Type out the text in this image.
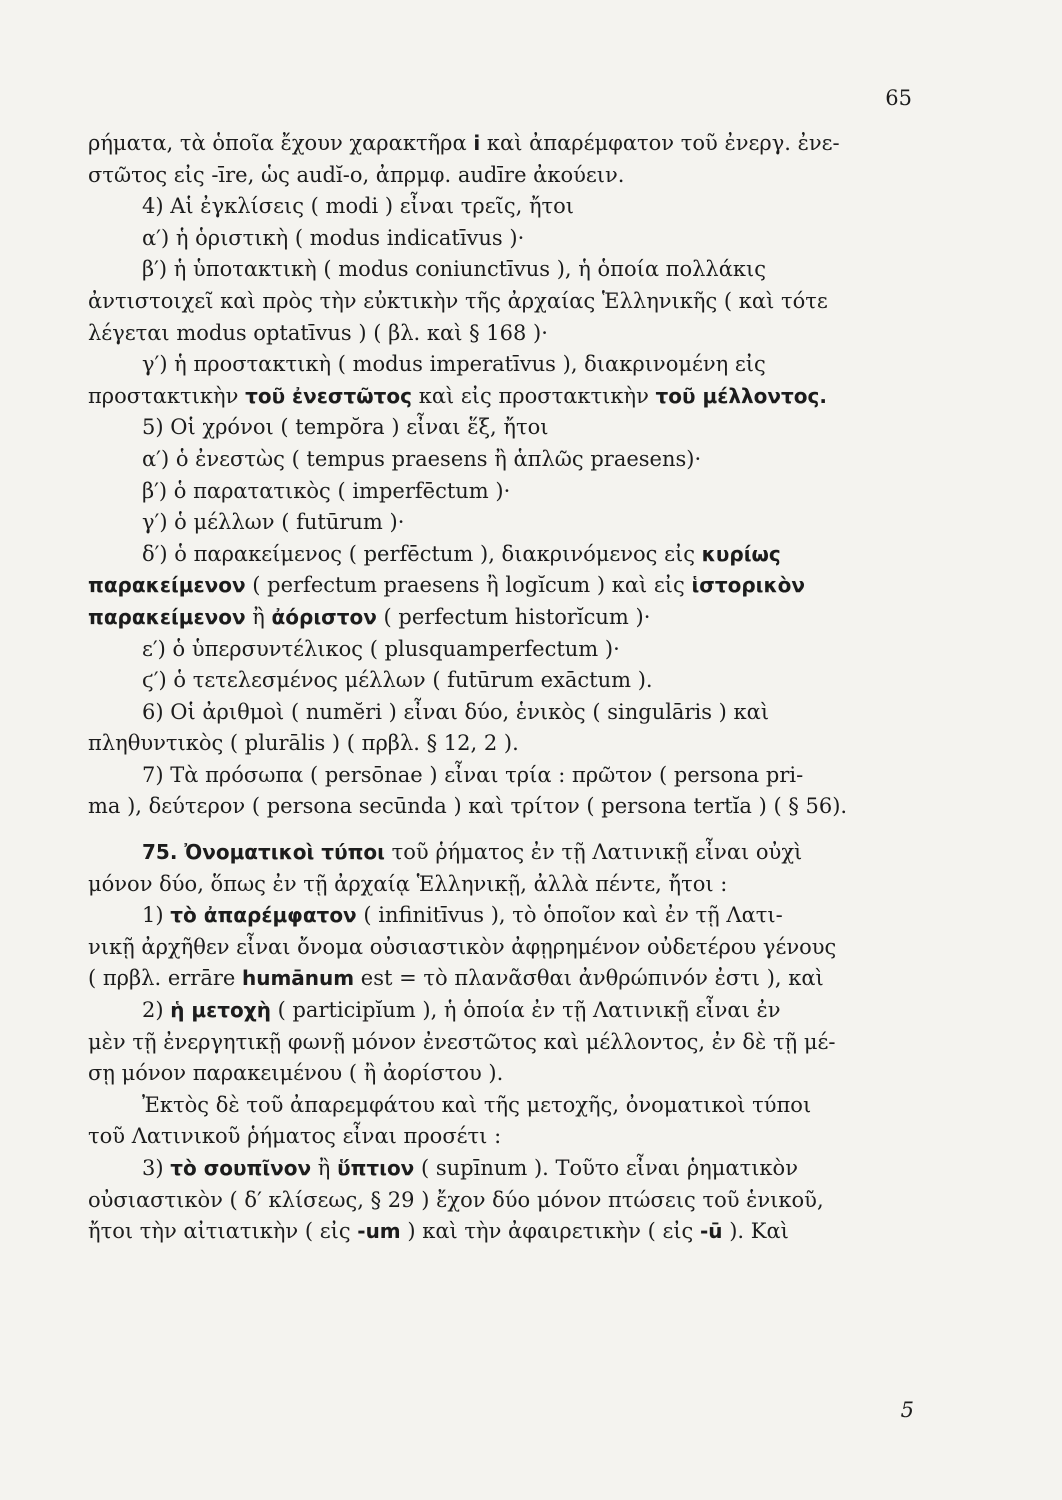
65
ρήματα, τὰ ὁποῖα ἔχουν χαρακτῆρα i καὶ ἀπαρέμφατον τοῦ ἐνεργ. ἐνε-
στῶτος εἰς -īre, ὡς audĭ-o, ἀπρμφ. audīre ἀκούειν.
4) Αἱ ἐγκλίσεις ( modi ) εἶναι τρεῖς, ἤτοι
α′) ἡ ὁριστικὴ ( modus indicatīvus )·
β′) ἡ ὑποτακτικὴ ( modus coniunctīvus ), ἡ ὁποία πολλάκις
ἀντιστοιχεῖ καὶ πρὸς τὴν εὐκτικὴν τῆς ἀρχαίας Ἑλληνικῆς ( καὶ τότε
λέγεται modus optatīvus ) ( βλ. καὶ § 168 )·
γ′) ἡ προστακτικὴ ( modus imperatīvus ), διακρινομένη εἰς
προστακτικὴν τοῦ ἐνεστῶτος καὶ εἰς προστακτικὴν τοῦ μέλλοντος.
5) Οἱ χρόνοι ( tempŏra ) εἶναι ἕξ, ἤτοι
α′) ὁ ἐνεστὼς ( tempus praesens ἢ ἁπλῶς praesens)·
β′) ὁ παρατατικὸς ( imperfēctum )·
γ′) ὁ μέλλων ( futūrum )·
δ′) ὁ παρακείμενος ( perfēctum ), διακρινόμενος εἰς κυρίως
παρακείμενον ( perfectum praesens ἢ logĭcum ) καὶ εἰς ἱστορικὸν
παρακείμενον ἢ ἀόριστον ( perfectum historĭcum )·
ε′) ὁ ὑπερσυντέλικος ( plusquamperfectum )·
ϛ′) ὁ τετελεσμένος μέλλων ( futūrum exāctum ).
6) Οἱ ἀριθμοὶ ( numĕri ) εἶναι δύο, ἑνικὸς ( singulāris ) καὶ
πληθυντικὸς ( plurālis ) ( πρβλ. § 12, 2 ).
7) Τὰ πρόσωπα ( persōnae ) εἶναι τρία : πρῶτον ( persona pri-
ma ), δεύτερον ( persona secūnda ) καὶ τρίτον ( persona tertĭa ) ( § 56).
75. Ὀνοματικοὶ τύποι τοῦ ῥήματος ἐν τῇ Λατινικῇ εἶναι οὐχὶ
μόνον δύο, ὅπως ἐν τῇ ἀρχαίᾳ Ἑλληνικῇ, ἀλλὰ πέντε, ἤτοι :
1) τὸ ἀπαρέμφατον ( infinitīvus ), τὸ ὁποῖον καὶ ἐν τῇ Λατι-
νικῇ ἀρχῆθεν εἶναι ὄνομα οὐσιαστικὸν ἀφῃρημένον οὐδετέρου γένους
( πρβλ. errāre humānum est = τὸ πλανᾶσθαι ἀνθρώπινόν ἐστι ), καὶ
2) ἡ μετοχὴ ( participĭum ), ἡ ὁποία ἐν τῇ Λατινικῇ εἶναι ἐν
μὲν τῇ ἐνεργητικῇ φωνῇ μόνον ἐνεστῶτος καὶ μέλλοντος, ἐν δὲ τῇ μέ-
σῃ μόνον παρακειμένου ( ἢ ἀορίστου ).
Ἐκτὸς δὲ τοῦ ἀπαρεμφάτου καὶ τῆς μετοχῆς, ὀνοματικοὶ τύποι
τοῦ Λατινικοῦ ῥήματος εἶναι προσέτι :
3) τὸ σουπῖνον ἢ ὕπτιον ( supīnum ). Τοῦτο εἶναι ῥηματικὸν
οὐσιαστικὸν ( δ′ κλίσεως, § 29 ) ἔχον δύο μόνον πτώσεις τοῦ ἑνικοῦ,
ἤτοι τὴν αἰτιατικὴν ( εἰς -um ) καὶ τὴν ἀφαιρετικὴν ( εἰς -ū ). Καὶ
5
